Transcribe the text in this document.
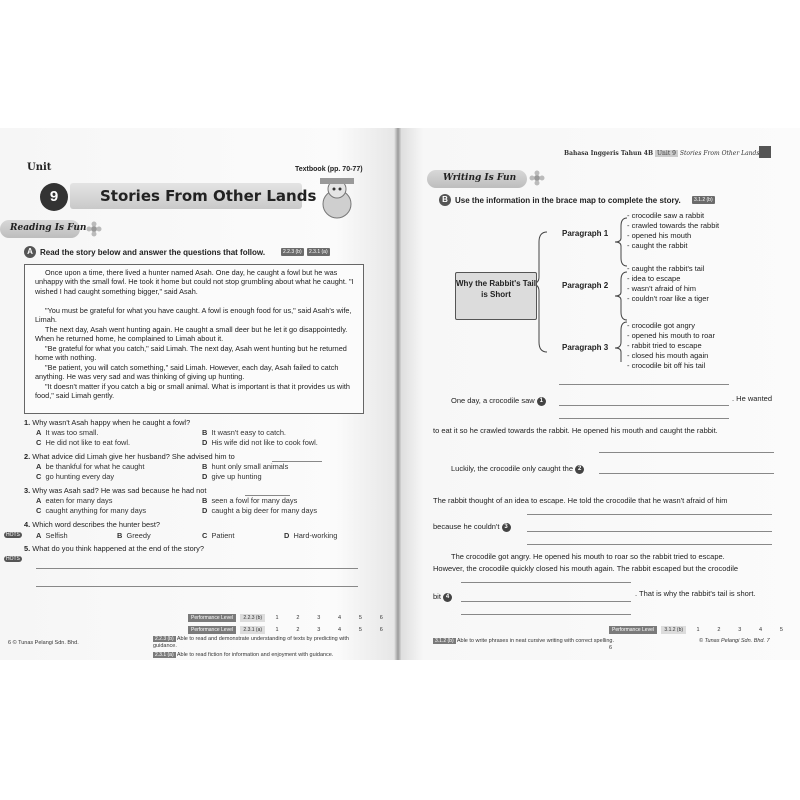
Unit
9	Stories From Other Lands
Textbook (pp. 70-77)
Reading Is Fun
A Read the story below and answer the questions that follow.	2.2.3 (b)	2.3.1 (a)
Once upon a time, there lived a hunter named Asah. One day, he caught a fowl but he was unhappy with the small fowl. He took it home but could not stop grumbling about what he caught. "I wished I had caught something bigger," said Asah.
"You must be grateful for what you have caught. A fowl is enough food for us," said Asah's wife, Limah.
The next day, Asah went hunting again. He caught a small deer but he let it go disappointedly. When he returned home, he complained to Limah about it.
"Be grateful for what you catch," said Limah. The next day, Asah went hunting but he returned home with nothing.
"Be patient, you will catch something," said Limah. However, each day, Asah failed to catch anything. He was very sad and was thinking of giving up hunting.
"It doesn't matter if you catch a big or small animal. What is important is that it provides us with food," said Limah gently.
1. Why wasn't Asah happy when he caught a fowl?
A It was too small.	B It wasn't easy to catch.
C He did not like to eat fowl.	D His wife did not like to cook fowl.
2. What advice did Limah give her husband? She advised him to
A be thankful for what he caught	B hunt only small animals
C go hunting every day	D give up hunting
3. Why was Asah sad? He was sad because he had not
A eaten for many days	B seen a fowl for many days
C caught anything for many days	D caught a big deer for many days
4. Which word describes the hunter best?
HOTS A Selfish	B Greedy	C Patient	D Hard-working
5. What do you think happened at the end of the story?
HOTS
Performance Level 2.2.3 (b) 1	2	3	4	5	6
Performance Level 2.3.1 (a) 1	2	3	4	5	6
6 © Tunas Pelangi Sdn. Bhd.
2.2.3 (b) Able to read and demonstrate understanding of texts by predicting with guidance.
2.3.1 (a) Able to read fiction for information and enjoyment with guidance.
Bahasa Inggeris Tahun 4B Unit 9 Stories From Other Lands
Writing Is Fun
B Use the information in the brace map to complete the story.	3.1.2 (b)
Why the Rabbit's Tail is Short
Paragraph 1
- crocodile saw a rabbit
- crawled towards the rabbit
- opened his mouth
- caught the rabbit
Paragraph 2
- caught the rabbit's tail
- idea to escape
- wasn't afraid of him
- couldn't roar like a tiger
Paragraph 3
- crocodile got angry
- opened his mouth to roar
- rabbit tried to escape
- closed his mouth again
- crocodile bit off his tail
One day, a crocodile saw 1	. He wanted
to eat it so he crawled towards the rabbit. He opened his mouth and caught the rabbit.
Luckily, the crocodile only caught the 2
The rabbit thought of an idea to escape. He told the crocodile that he wasn't afraid of him
because he couldn't 3
The crocodile got angry. He opened his mouth to roar so the rabbit tried to escape.
However, the crocodile quickly closed his mouth again. The rabbit escaped but the crocodile
bit 4	. That is why the rabbit's tail is short.
Performance Level 3.1.2 (b) 1	2	3	4	5    6
3.1.2 (b) Able to write phrases in neat cursive writing with correct spelling.	© Tunas Pelangi Sdn. Bhd. 7
